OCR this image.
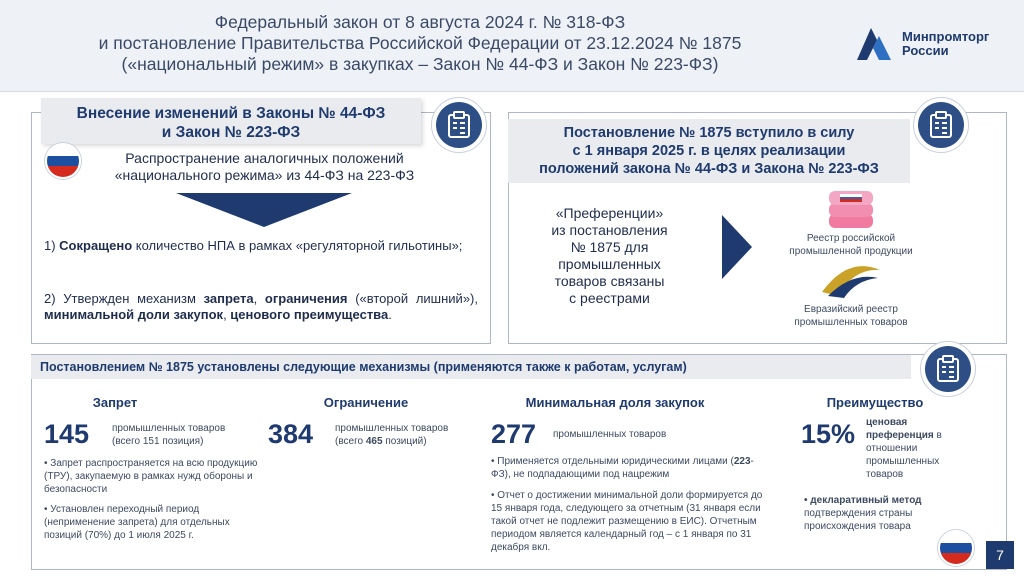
Федеральный закон от 8 августа 2024 г. № 318-ФЗ
и постановление Правительства Российской Федерации от 23.12.2024 № 1875
(«национальный режим» в закупках – Закон № 44-ФЗ и Закон № 223-ФЗ)
Минпромторг
России
Внесение изменений в Законы № 44-ФЗ
и Закон № 223-ФЗ
Распространение аналогичных положений
«национального режима» из 44-ФЗ на 223-ФЗ
1) Сокращено количество НПА в рамках «регуляторной гильотины»;
2) Утвержден механизм запрета, ограничения («второй лишний»), минимальной доли закупок, ценового преимущества.
Постановление № 1875 вступило в силу
с 1 января 2025 г. в целях реализации
положений закона № 44-ФЗ и Закона № 223-ФЗ
«Преференции»
из постановления
№ 1875 для
промышленных
товаров связаны
с реестрами
Реестр российской
промышленной продукции
Евразийский реестр
промышленных товаров
Постановлением № 1875 установлены следующие механизмы (применяются также к работам, услугам)
Запрет
145 промышленных товаров
(всего 151 позиция)
• Запрет распространяется на всю продукцию (ТРУ), закупаемую в рамках нужд обороны и безопасности
• Установлен переходный период (неприменение запрета) для отдельных позиций (70%) до 1 июля 2025 г.
Ограничение
384 промышленных товаров
(всего 465 позиций)
Минимальная доля закупок
277 промышленных товаров
• Применяется отдельными юридическими лицами (223-ФЗ), не подпадающими под нацрежим
• Отчет о достижении минимальной доли формируется до 15 января года, следующего за отчетным (31 января если такой отчет не подлежит размещению в ЕИС). Отчетным периодом является календарный год – с 1 января по 31 декабря вкл.
Преимущество
15% ценовая
преференция в
отношении
промышленных
товаров
• декларативный метод
подтверждения страны происхождения товара
7
